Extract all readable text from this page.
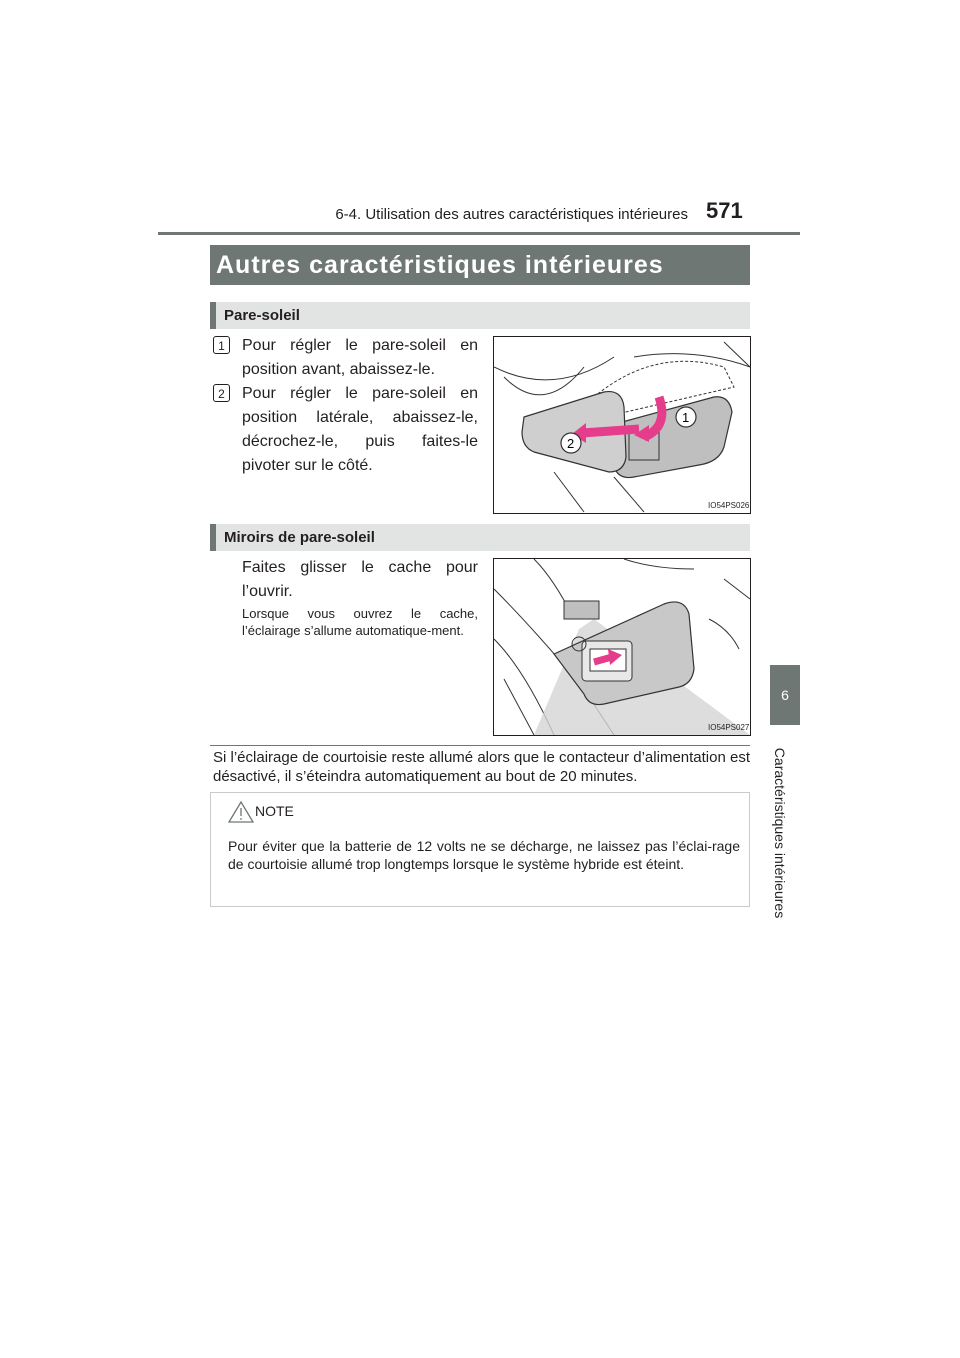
6-4. Utilisation des autres caractéristiques intérieures 571
6
Caractéristiques intérieures
Autres caractéristiques intérieures
Pare-soleil
1	Pour régler le pare-soleil en position avant, abaissez-le.
2	Pour régler le pare-soleil en position latérale, abaissez-le, décrochez-le, puis faites-le pivoter sur le côté.
1
2
IO54PS026
Miroirs de pare-soleil
Faites glisser le cache pour l’ouvrir.
Lorsque vous ouvrez le cache, l’éclairage s’allume automatique-ment.
IO54PS027
Si l’éclairage de courtoisie reste allumé alors que le contacteur d’alimentation est désactivé, il s’éteindra automatiquement au bout de 20 minutes.
NOTE
Pour éviter que la batterie de 12 volts ne se décharge, ne laissez pas l’éclai-rage de courtoisie allumé trop longtemps lorsque le système hybride est éteint.
